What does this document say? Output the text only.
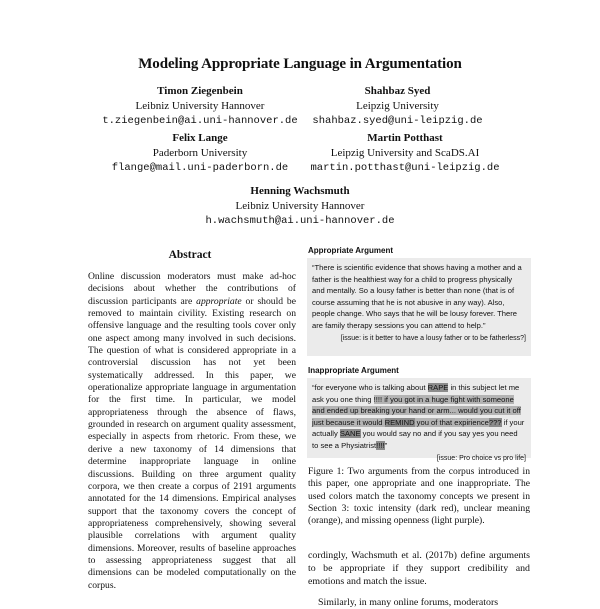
Modeling Appropriate Language in Argumentation
Timon Ziegenbein
Leibniz University Hannover
t.ziegenbein@ai.uni-hannover.de
Shahbaz Syed
Leipzig University
shahbaz.syed@uni-leipzig.de
Felix Lange
Paderborn University
flange@mail.uni-paderborn.de
Martin Potthast
Leipzig University and ScaDS.AI
martin.potthast@uni-leipzig.de
Henning Wachsmuth
Leibniz University Hannover
h.wachsmuth@ai.uni-hannover.de
Abstract

Online discussion moderators must make ad-hoc decisions about whether the contributions of discussion participants are appropriate or should be removed to maintain civility. Existing research on offensive language and the resulting tools cover only one aspect among many involved in such decisions. The question of what is considered appropriate in a controversial discussion has not yet been systematically addressed. In this paper, we operationalize appropriate language in argumentation for the first time. In particular, we model appropriateness through the absence of flaws, grounded in research on argument quality assessment, especially in aspects from rhetoric. From these, we derive a new taxonomy of 14 dimensions that determine inappropriate language in online discussions. Building on three argument quality corpora, we then create a corpus of 2191 arguments annotated for the 14 dimensions. Empirical analyses support that the taxonomy covers the concept of appropriateness comprehensively, showing several plausible correlations with argument quality dimensions. Moreover, results of baseline approaches to assessing appropriateness suggest that all dimensions can be modeled computationally on the corpus.

Appropriate Argument

“There is scientific evidence that shows having a mother and a father is the healthiest way for a child to progress physically and mentally. So a lousy father is better than none (that is of course assuming that he is not abusive in any way). Also, people change. Who says that he will be lousy forever. There are family therapy sessions you can attend to help.”

[issue: is it better to have a lousy father or to be fatherless?]
Inappropriate Argument

“for everyone who is talking about RAPE in this subject let me ask you one thing !!!! if you got in a huge fight with someone and ended up breaking your hand or arm... would you cut it off just because it would REMIND you of that expirience??? if your actually SANE you would say no and if you say yes you need to see a Physiatrist!!!!”

[issue: Pro choice vs pro life]

Figure 1: Two arguments from the corpus introduced in this paper, one appropriate and one inappropriate. The used colors match the taxonomy concepts we present in Section 3: toxic intensity (dark red), unclear meaning (orange), and missing openness (light purple).

cordingly, Wachsmuth et al. (2017b) define arguments to be appropriate if they support credibility and emotions and match the issue.

Similarly, in many online forums, moderators
